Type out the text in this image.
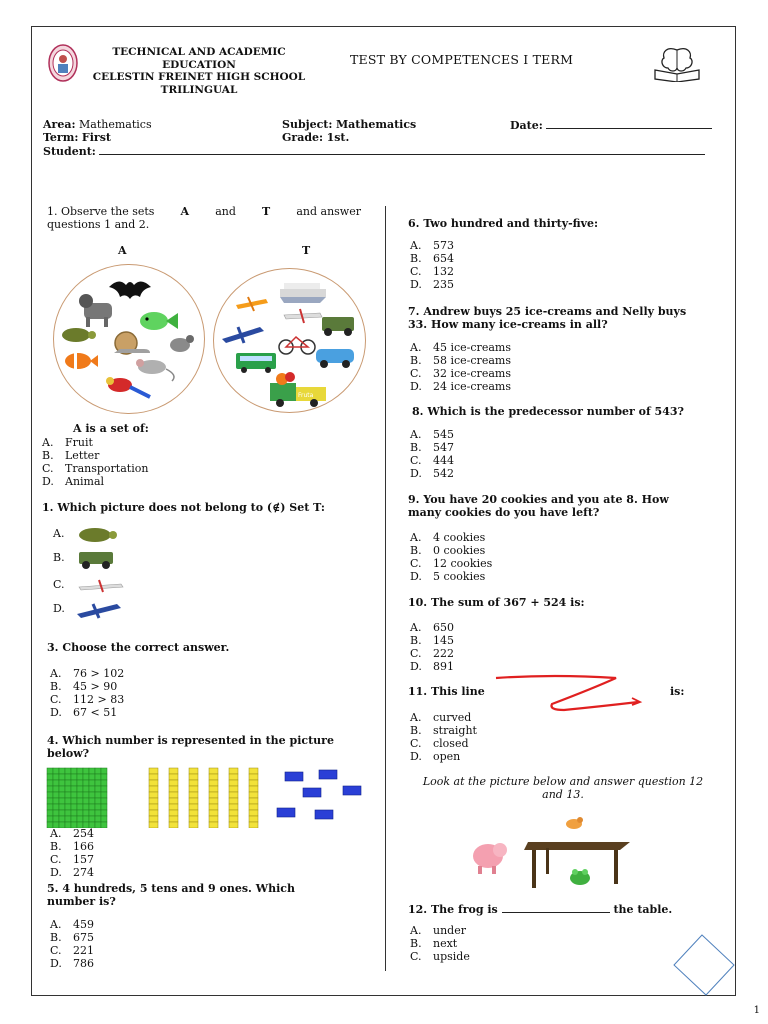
TECHNICAL AND ACADEMIC EDUCATION
CELESTIN FREINET HIGH SCHOOL
TRILINGUAL
TEST BY COMPETENCES I TERM
Area: Mathematics	Subject: Mathematics	Date:
Term: First	Grade: 1st.
Student:
1. Observe the sets A and T and answer
questions 1 and 2.
A	T
Fruta
A is a set of:
A. Fruit
B. Letter
C. Transportation
D. Animal
1. Which picture does not belong to (∉) Set T:
A.
B.
C.
D.
3. Choose the correct answer.
A. 76 > 102
B. 45 > 90
C. 112 > 83
D. 67 < 51
4. Which number is represented in the picture
below?
A. 254
B. 166
C. 157
D. 274
5. 4 hundreds, 5 tens and 9 ones. Which
number is?
A. 459
B. 675
C. 221
D. 786
6. Two hundred and thirty-five:
A. 573
B. 654
C. 132
D. 235
7. Andrew buys 25 ice-creams and Nelly buys
33. How many ice-creams in all?
A. 45 ice-creams
B. 58 ice-creams
C. 32 ice-creams
D. 24 ice-creams
8. Which is the predecessor number of 543?
A. 545
B. 547
C. 444
D. 542
9. You have 20 cookies and you ate 8. How
many cookies do you have left?
A. 4 cookies
B. 0 cookies
C. 12 cookies
D. 5 cookies
10. The sum of 367 + 524 is:
A. 650
B. 145
C. 222
D. 891
11. This line	is:
A. curved
B. straight
C. closed
D. open
Look at the picture below and answer question 12
and 13.
12. The frog is	the table.
A. under
B. next
C. upside
1
